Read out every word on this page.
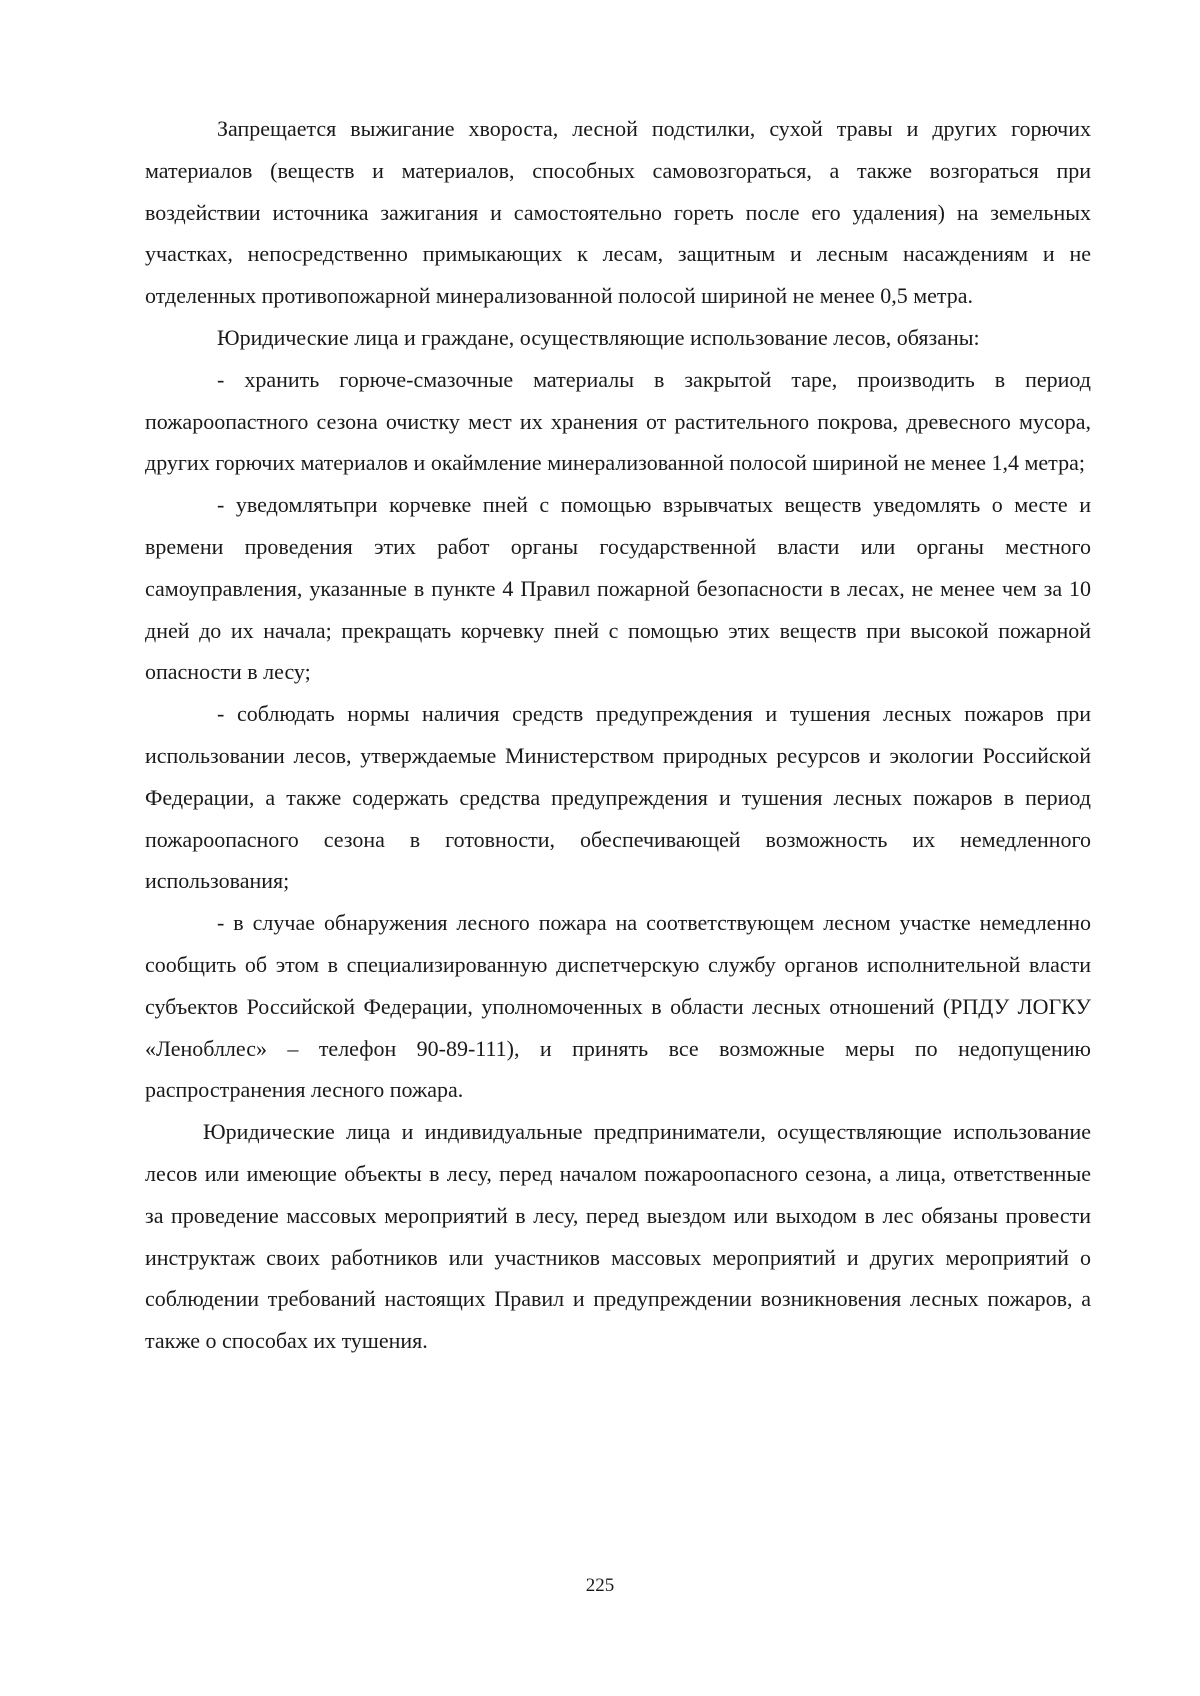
Запрещается выжигание хвороста, лесной подстилки, сухой травы и других горючих материалов (веществ и материалов, способных самовозгораться, а также возгораться при воздействии источника зажигания и самостоятельно гореть после его удаления) на земельных участках, непосредственно примыкающих к лесам, защитным и лесным насаждениям и не отделенных противопожарной минерализованной полосой шириной не менее 0,5 метра.

Юридические лица и граждане, осуществляющие использование лесов, обязаны:

- хранить горюче-смазочные материалы в закрытой таре, производить в период пожароопастного сезона очистку мест их хранения от растительного покрова, древесного мусора, других горючих материалов и окаймление минерализованной полосой шириной не менее 1,4 метра;

- уведомлятьпри корчевке пней с помощью взрывчатых веществ уведомлять о месте и времени проведения этих работ органы государственной власти или органы местного самоуправления, указанные в пункте 4 Правил пожарной безопасности в лесах, не менее чем за 10 дней до их начала; прекращать корчевку пней с помощью этих веществ при высокой пожарной опасности в лесу;

- соблюдать нормы наличия средств предупреждения и тушения лесных пожаров при использовании лесов, утверждаемые Министерством природных ресурсов и экологии Российской Федерации, а также содержать средства предупреждения и тушения лесных пожаров в период пожароопасного сезона в готовности, обеспечивающей возможность их немедленного использования;

- в случае обнаружения лесного пожара на соответствующем лесном участке немедленно сообщить об этом в специализированную диспетчерскую службу органов исполнительной власти субъектов Российской Федерации, уполномоченных в области лесных отношений (РПДУ ЛОГКУ «Ленобллес» – телефон 90-89-111), и принять все возможные меры по недопущению распространения лесного пожара.

Юридические лица и индивидуальные предприниматели, осуществляющие использование лесов или имеющие объекты в лесу, перед началом пожароопасного сезона, а лица, ответственные за проведение массовых мероприятий в лесу, перед выездом или выходом в лес обязаны провести инструктаж своих работников или участников массовых мероприятий и других мероприятий о соблюдении требований настоящих Правил и предупреждении возникновения лесных пожаров, а также о способах их тушения.

225
